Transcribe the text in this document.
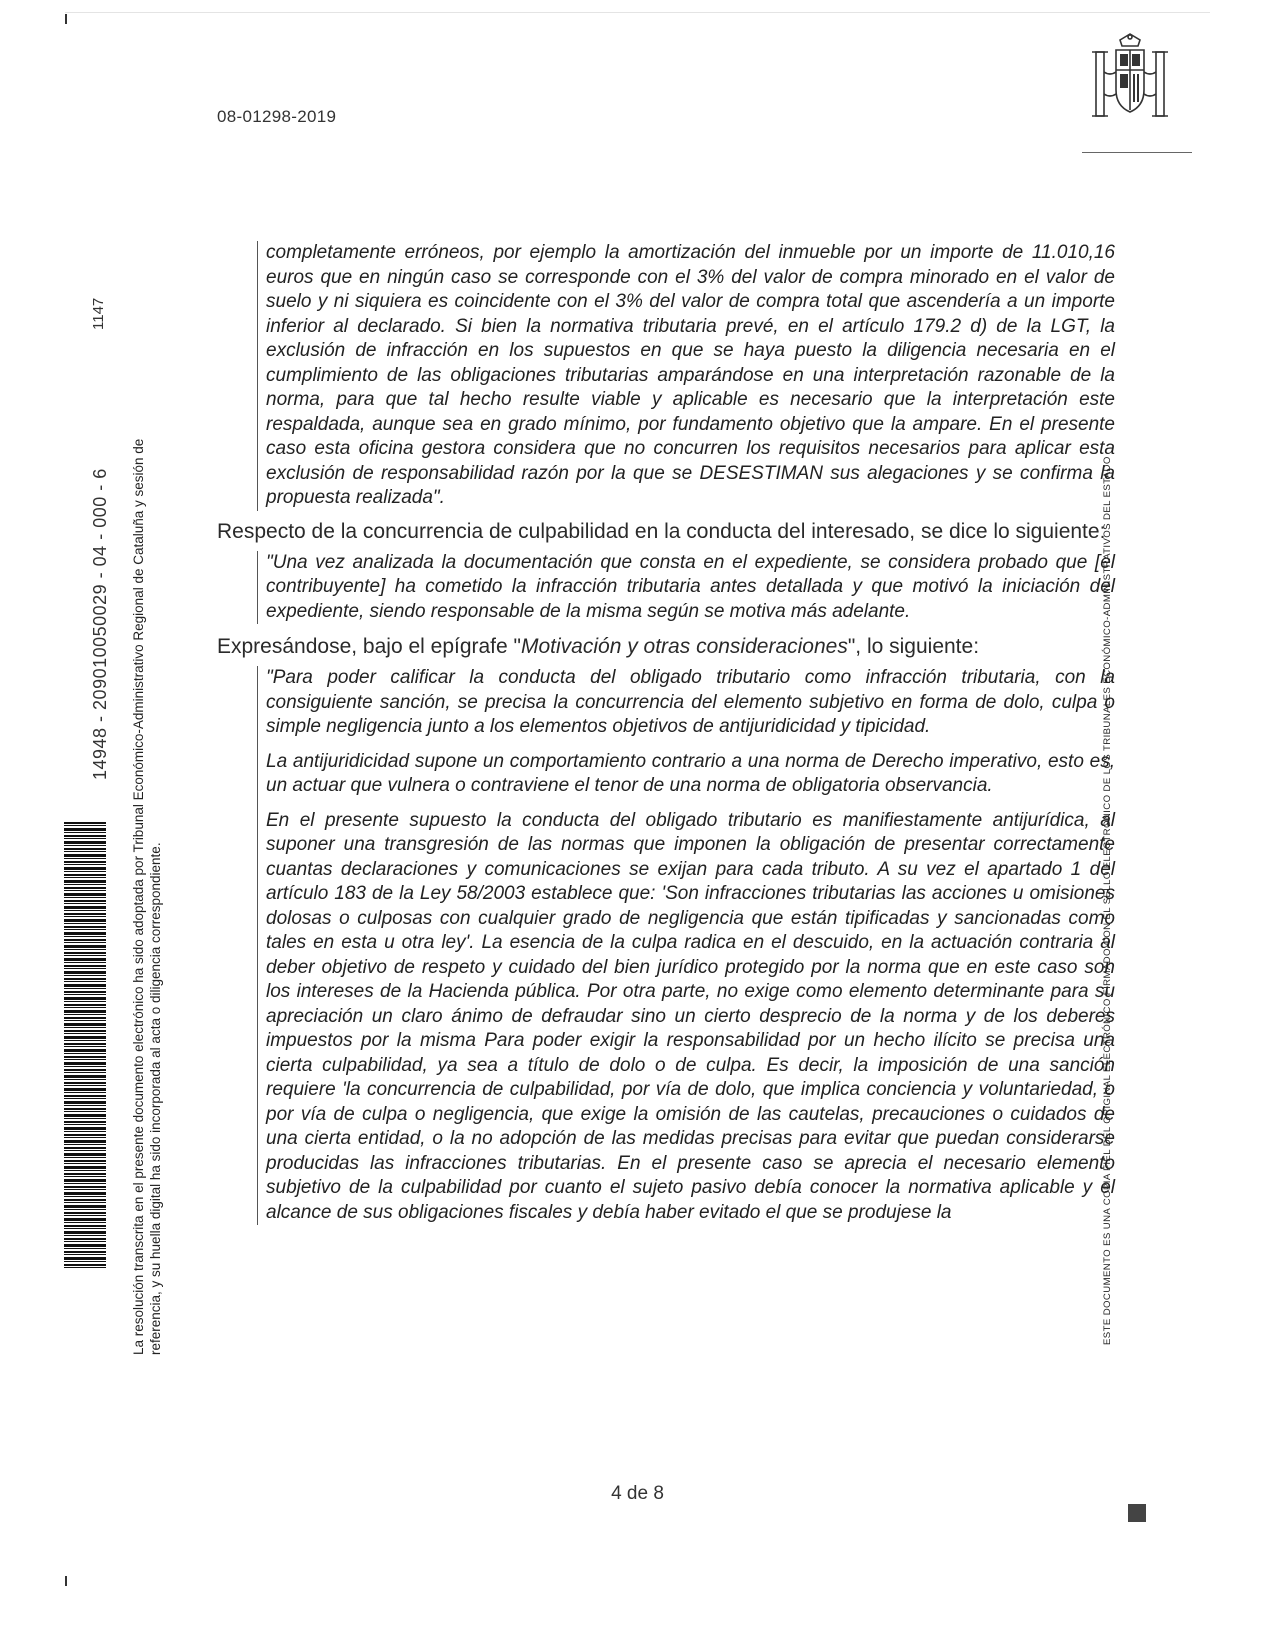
08-01298-2019
14948 - 209010050029 - 04 - 000 - 6
1147
La resolución transcrita en el presente documento electrónico ha sido adoptada por Tribunal Económico-Administrativo Regional de Cataluña y sesión de referencia, y su huella digital ha sido incorporada al acta o diligencia correspondiente.	ESTE DOCUMENTO ES UNA COPIA FIEL DEL ORIGINAL ELECTRÓNICO FIRMADO CON EL SELLO ELECTRÓNICO DE LOS TRIBUNALES ECONÓMICO-ADMINISTRATIVOS DEL ESTADO

completamente erróneos, por ejemplo la amortización del inmueble por un importe de 11.010,16 euros que en ningún caso se corresponde con el 3% del valor de compra minorado en el valor de suelo y ni siquiera es coincidente con el 3% del valor de compra total que ascendería a un importe inferior al declarado. Si bien la normativa tributaria prevé, en el artículo 179.2 d) de la LGT, la exclusión de infracción en los supuestos en que se haya puesto la diligencia necesaria en el cumplimiento de las obligaciones tributarias amparándose en una interpretación razonable de la norma, para que tal hecho resulte viable y aplicable es necesario que la interpretación este respaldada, aunque sea en grado mínimo, por fundamento objetivo que la ampare. En el presente caso esta oficina gestora considera que no concurren los requisitos necesarios para aplicar esta exclusión de responsabilidad razón por la que se DESESTIMAN sus alegaciones y se confirma la propuesta realizada".

Respecto de la concurrencia de culpabilidad en la conducta del interesado, se dice lo siguiente:

"Una vez analizada la documentación que consta en el expediente, se considera probado que [el contribuyente] ha cometido la infracción tributaria antes detallada y que motivó la iniciación del expediente, siendo responsable de la misma según se motiva más adelante.

Expresándose, bajo el epígrafe "Motivación y otras consideraciones", lo siguiente:

"Para poder calificar la conducta del obligado tributario como infracción tributaria, con la consiguiente sanción, se precisa la concurrencia del elemento subjetivo en forma de dolo, culpa o simple negligencia junto a los elementos objetivos de antijuridicidad y tipicidad.

La antijuridicidad supone un comportamiento contrario a una norma de Derecho imperativo, esto es, un actuar que vulnera o contraviene el tenor de una norma de obligatoria observancia.

En el presente supuesto la conducta del obligado tributario es manifiestamente antijurídica, al suponer una transgresión de las normas que imponen la obligación de presentar correctamente cuantas declaraciones y comunicaciones se exijan para cada tributo. A su vez el apartado 1 del artículo 183 de la Ley 58/2003 establece que: 'Son infracciones tributarias las acciones u omisiones dolosas o culposas con cualquier grado de negligencia que están tipificadas y sancionadas como tales en esta u otra ley'. La esencia de la culpa radica en el descuido, en la actuación contraria al deber objetivo de respeto y cuidado del bien jurídico protegido por la norma que en este caso son los intereses de la Hacienda pública. Por otra parte, no exige como elemento determinante para su apreciación un claro ánimo de defraudar sino un cierto desprecio de la norma y de los deberes impuestos por la misma Para poder exigir la responsabilidad por un hecho ilícito se precisa una cierta culpabilidad, ya sea a título de dolo o de culpa. Es decir, la imposición de una sanción requiere 'la concurrencia de culpabilidad, por vía de dolo, que implica conciencia y voluntariedad, o por vía de culpa o negligencia, que exige la omisión de las cautelas, precauciones o cuidados de una cierta entidad, o la no adopción de las medidas precisas para evitar que puedan considerarse producidas las infracciones tributarias. En el presente caso se aprecia el necesario elemento subjetivo de la culpabilidad por cuanto el sujeto pasivo debía conocer la normativa aplicable y el alcance de sus obligaciones fiscales y debía haber evitado el que se produjese la

4 de 8
